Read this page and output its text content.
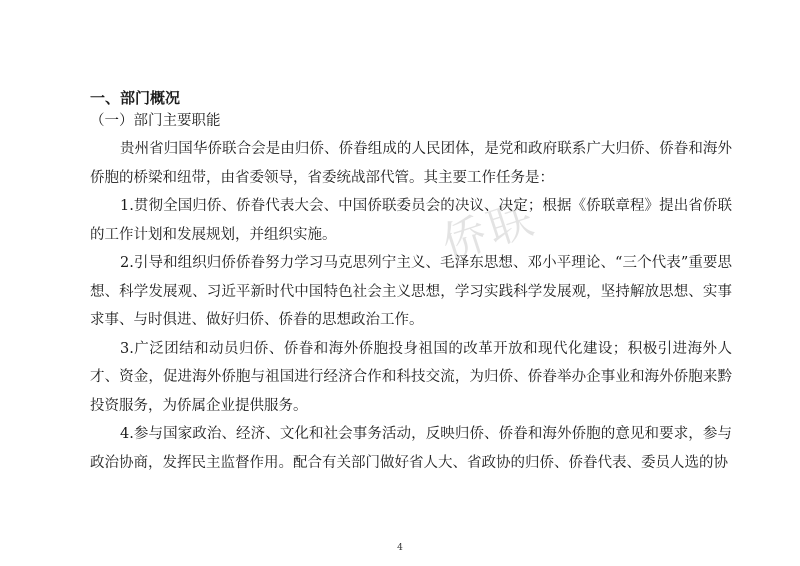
侨联
一、部门概况
（一）部门主要职能

贵州省归国华侨联合会是由归侨、侨眷组成的人民团体，是党和政府联系广大归侨、侨眷和海外侨胞的桥梁和纽带，由省委领导，省委统战部代管。其主要工作任务是：

1.贯彻全国归侨、侨眷代表大会、中国侨联委员会的决议、决定；根据《侨联章程》提出省侨联的工作计划和发展规划，并组织实施。

2.引导和组织归侨侨眷努力学习马克思列宁主义、毛泽东思想、邓小平理论、“三个代表”重要思想、科学发展观、习近平新时代中国特色社会主义思想，学习实践科学发展观，坚持解放思想、实事求事、与时俱进、做好归侨、侨眷的思想政治工作。

3.广泛团结和动员归侨、侨眷和海外侨胞投身祖国的改革开放和现代化建设；积极引进海外人才、资金，促进海外侨胞与祖国进行经济合作和科技交流，为归侨、侨眷举办企事业和海外侨胞来黔投资服务，为侨属企业提供服务。

4.参与国家政治、经济、文化和社会事务活动，反映归侨、侨眷和海外侨胞的意见和要求，参与政治协商，发挥民主监督作用。配合有关部门做好省人大、省政协的归侨、侨眷代表、委员人选的协

4
